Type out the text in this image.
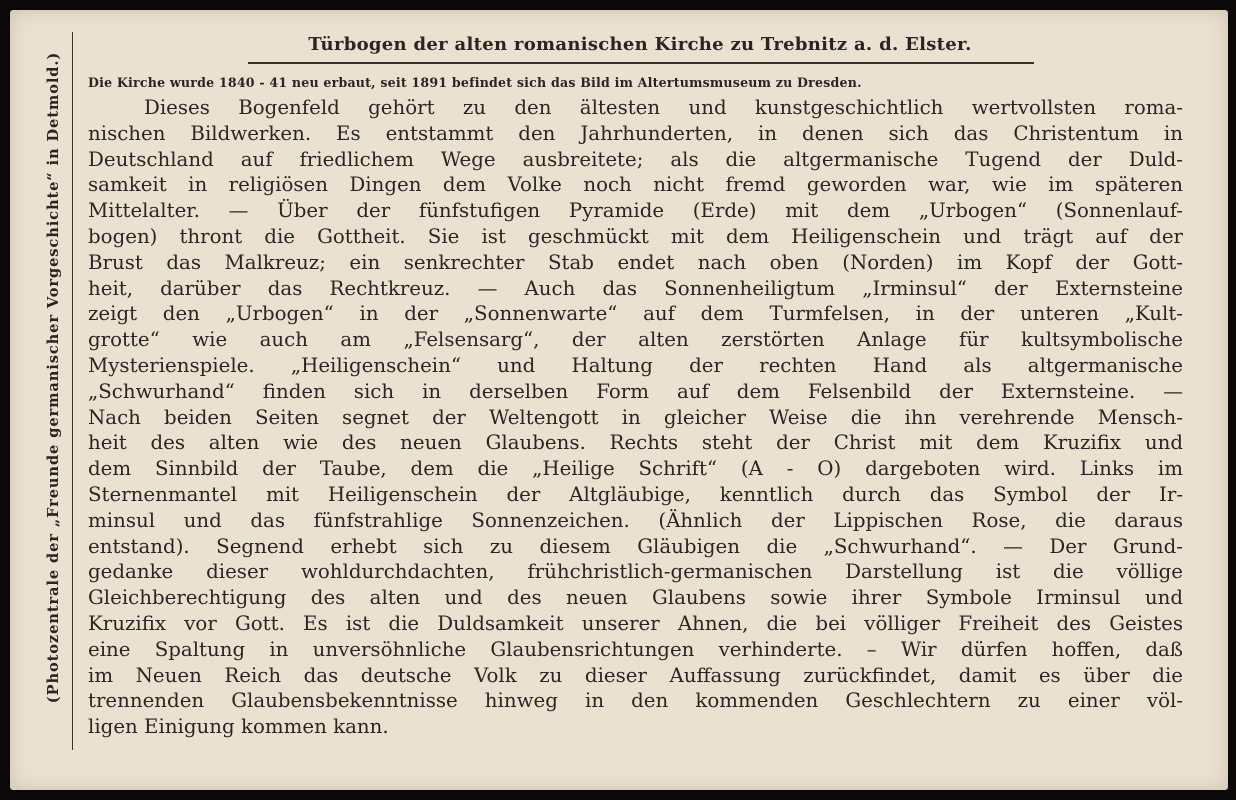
(Photozentrale der „Freunde germanischer Vorgeschichte“ in Detmold.)
Türbogen der alten romanischen Kirche zu Trebnitz a. d. Elster.
Die Kirche wurde 1840 - 41 neu erbaut, seit 1891 befindet sich das Bild im Altertumsmuseum zu Dresden.
Dieses Bogenfeld gehört zu den ältesten und kunstgeschichtlich wertvollsten roma-
nischen Bildwerken. Es entstammt den Jahrhunderten, in denen sich das Christentum in
Deutschland auf friedlichem Wege ausbreitete; als die altgermanische Tugend der Duld-
samkeit in religiösen Dingen dem Volke noch nicht fremd geworden war, wie im späteren
Mittelalter. — Über der fünfstufigen Pyramide (Erde) mit dem „Urbogen“ (Sonnenlauf-
bogen) thront die Gottheit. Sie ist geschmückt mit dem Heiligenschein und trägt auf der
Brust das Malkreuz; ein senkrechter Stab endet nach oben (Norden) im Kopf der Gott-
heit, darüber das Rechtkreuz. — Auch das Sonnenheiligtum „Irminsul“ der Externsteine
zeigt den „Urbogen“ in der „Sonnenwarte“ auf dem Turmfelsen, in der unteren „Kult-
grotte“ wie auch am „Felsensarg“, der alten zerstörten Anlage für kultsymbolische
Mysterienspiele. „Heiligenschein“ und Haltung der rechten Hand als altgermanische
„Schwurhand“ finden sich in derselben Form auf dem Felsenbild der Externsteine. —
Nach beiden Seiten segnet der Weltengott in gleicher Weise die ihn verehrende Mensch-
heit des alten wie des neuen Glaubens. Rechts steht der Christ mit dem Kruzifix und
dem Sinnbild der Taube, dem die „Heilige Schrift“ (A - O) dargeboten wird. Links im
Sternenmantel mit Heiligenschein der Altgläubige, kenntlich durch das Symbol der Ir-
minsul und das fünfstrahlige Sonnenzeichen. (Ähnlich der Lippischen Rose, die daraus
entstand). Segnend erhebt sich zu diesem Gläubigen die „Schwurhand“. — Der Grund-
gedanke dieser wohldurchdachten, frühchristlich-germanischen Darstellung ist die völlige
Gleichberechtigung des alten und des neuen Glaubens sowie ihrer Symbole Irminsul und
Kruzifix vor Gott. Es ist die Duldsamkeit unserer Ahnen, die bei völliger Freiheit des Geistes
eine Spaltung in unversöhnliche Glaubensrichtungen verhinderte. – Wir dürfen hoffen, daß
im Neuen Reich das deutsche Volk zu dieser Auffassung zurückfindet, damit es über die
trennenden Glaubensbekenntnisse hinweg in den kommenden Geschlechtern zu einer völ-
ligen Einigung kommen kann.
